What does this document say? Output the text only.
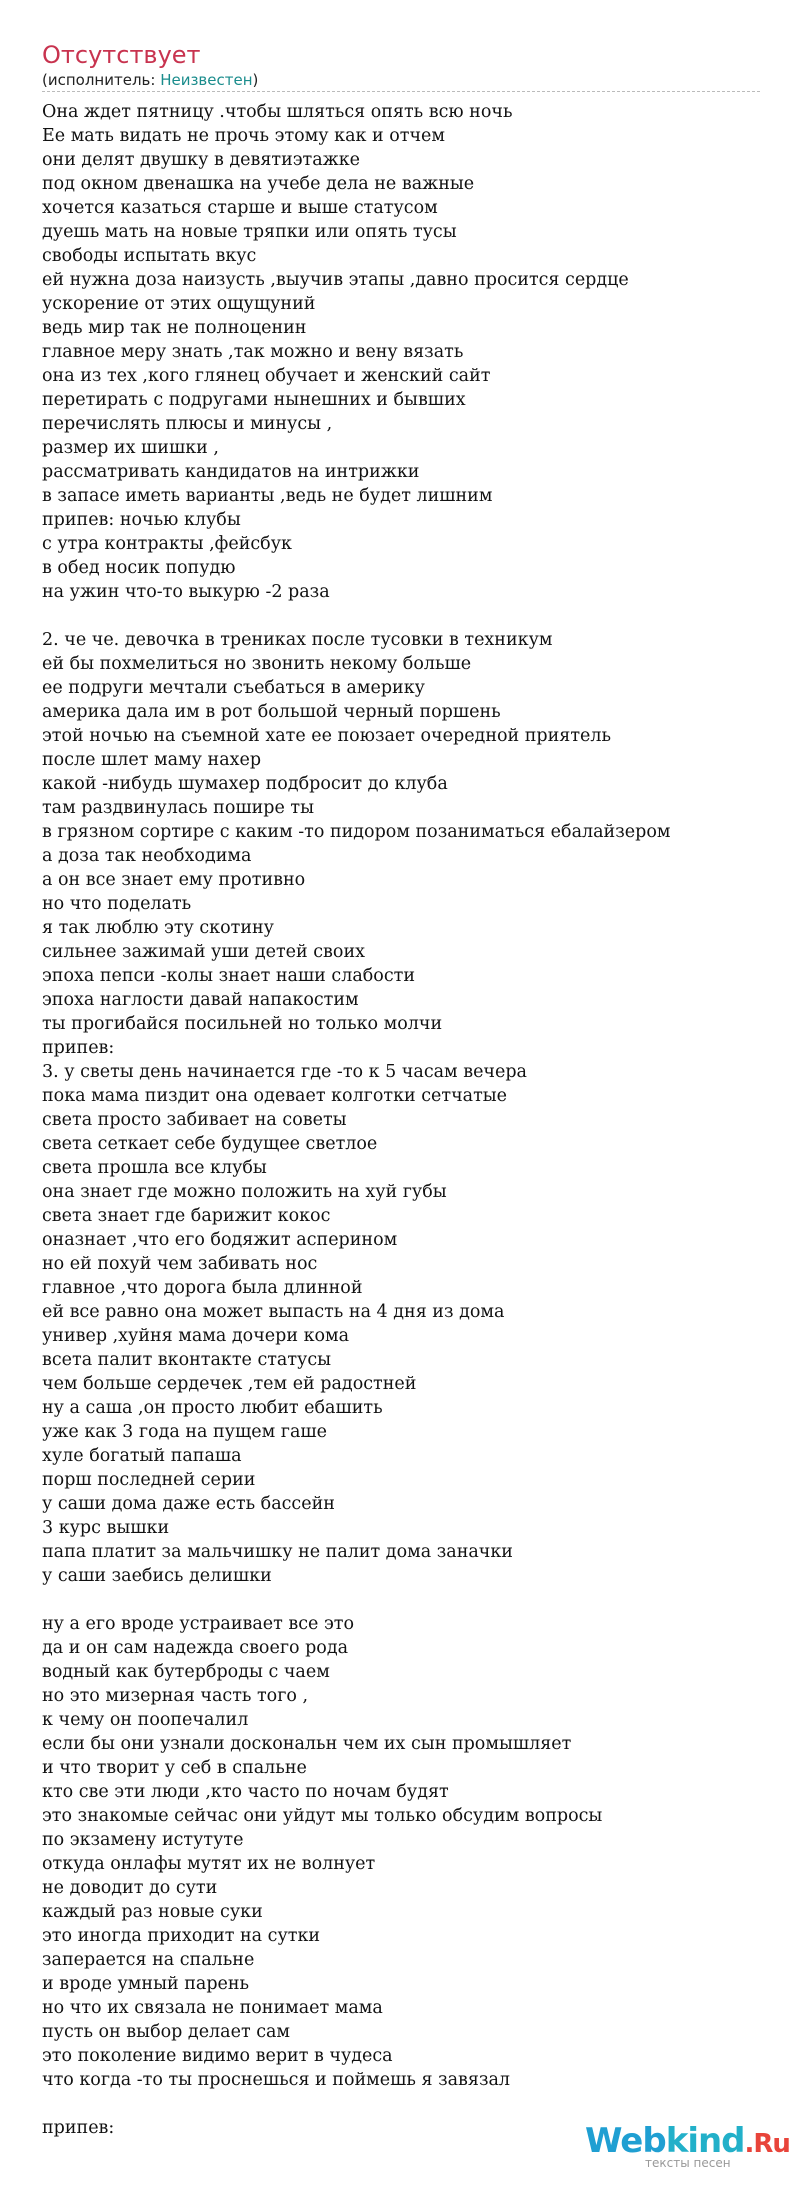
Отсутствует
(исполнитель: Неизвестен)
Она ждет пятницу .чтобы шляться опять всю ночь
Ее мать видать не прочь этому как и отчем
они делят двушку в девятиэтажке
под окном двенашка на учебе дела не важные
хочется казаться старше и выше статусом
дуешь мать на новые тряпки или опять тусы
свободы испытать вкус
ей нужна доза наизусть ,выучив этапы ,давно просится сердце
ускорение от этих ощущуний
ведь мир так не полноценин
главное меру знать ,так можно и вену вязать
она из тех ,кого глянец обучает и женский сайт
перетирать с подругами нынешних и бывших
перечислять плюсы и минусы ,
размер их шишки ,
рассматривать кандидатов на интрижки
в запасе иметь варианты ,ведь не будет лишним
припев: ночью клубы
с утра контракты ,фейсбук
в обед носик попудю
на ужин что-то выкурю -2 раза
2. че че. девочка в трениках после тусовки в техникум
ей бы похмелиться но звонить некому больше
ее подруги мечтали съебаться в америку
америка дала им в рот большой черный поршень
этой ночью на съемной хате ее поюзает очередной приятель
после шлет маму нахер
какой -нибудь шумахер подбросит до клуба
там раздвинулась пошире ты
в грязном сортире с каким -то пидором позаниматься ебалайзером
а доза так необходима
а он все знает ему противно
но что поделать
я так люблю эту скотину
сильнее зажимай уши детей своих
эпоха пепси -колы знает наши слабости
эпоха наглости давай напакостим
ты прогибайся посильней но только молчи
припев:
3. у светы день начинается где -то к 5 часам вечера
пока мама пиздит она одевает колготки сетчатые
света просто забивает на советы
света сеткает себе будущее светлое
света прошла все клубы
она знает где можно положить на хуй губы
света знает где барижит кокос
оназнает ,что его бодяжит асперином
но ей похуй чем забивать нос
главное ,что дорога была длинной
ей все равно она может выпасть на 4 дня из дома
универ ,хуйня мама дочери кома
всета палит вконтакте статусы
чем больше сердечек ,тем ей радостней
ну а саша ,он просто любит ебашить
уже как 3 года на пущем гаше
хуле богатый папаша
порш последней серии
у саши дома даже есть бассейн
3 курс вышки
папа платит за мальчишку не палит дома заначки
у саши заебись делишки
ну а его вроде устраивает все это
да и он сам надежда своего рода
водный как бутерброды с чаем
но это мизерная часть того ,
к чему он поопечалил
если бы они узнали доскональн чем их сын промышляет
и что творит у себ в спальне
кто све эти люди ,кто часто по ночам будят
это знакомые сейчас они уйдут мы только обсудим вопросы
по экзамену истутуте
откуда онлафы мутят их не волнует
не доводит до сути
каждый раз новые суки
это иногда приходит на сутки
заперается на спальне
и вроде умный парень
но что их связала не понимает мама
пусть он выбор делает сам
это поколение видимо верит в чудеса
что когда -то ты проснешься и поймешь я завязал
припев:	Webkind.Ru
тексты песен
